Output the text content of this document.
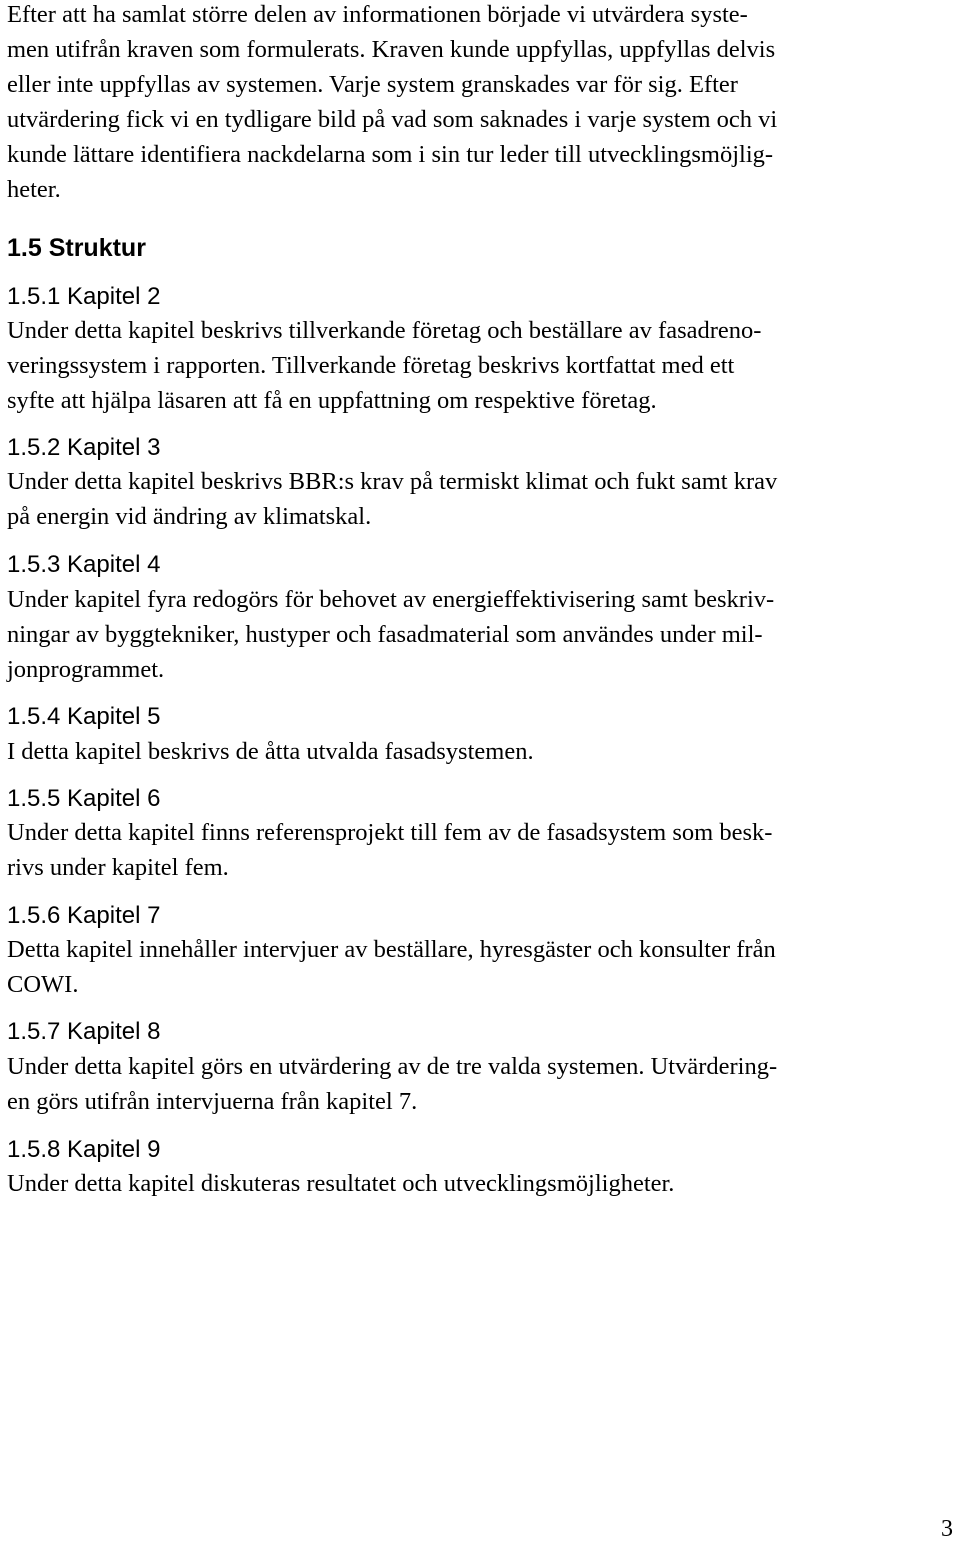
Efter att ha samlat större delen av informationen började vi utvärdera syste-
men utifrån kraven som formulerats. Kraven kunde uppfyllas, uppfyllas delvis
eller inte uppfyllas av systemen. Varje system granskades var för sig. Efter
utvärdering fick vi en tydligare bild på vad som saknades i varje system och vi
kunde lättare identifiera nackdelarna som i sin tur leder till utvecklingsmöjlig-
heter.
1.5 Struktur
1.5.1 Kapitel 2
Under detta kapitel beskrivs tillverkande företag och beställare av fasadreno-
veringssystem i rapporten. Tillverkande företag beskrivs kortfattat med ett
syfte att hjälpa läsaren att få en uppfattning om respektive företag.
1.5.2 Kapitel 3
Under detta kapitel beskrivs BBR:s krav på termiskt klimat och fukt samt krav
på energin vid ändring av klimatskal.
1.5.3 Kapitel 4
Under kapitel fyra redogörs för behovet av energieffektivisering samt beskriv-
ningar av byggtekniker, hustyper och fasadmaterial som användes under mil-
jonprogrammet.
1.5.4 Kapitel 5
I detta kapitel beskrivs de åtta utvalda fasadsystemen.
1.5.5 Kapitel 6
Under detta kapitel finns referensprojekt till fem av de fasadsystem som besk-
rivs under kapitel fem.
1.5.6 Kapitel 7
Detta kapitel innehåller intervjuer av beställare, hyresgäster och konsulter från
COWI.
1.5.7 Kapitel 8
Under detta kapitel görs en utvärdering av de tre valda systemen. Utvärdering-
en görs utifrån intervjuerna från kapitel 7.
1.5.8 Kapitel 9
Under detta kapitel diskuteras resultatet och utvecklingsmöjligheter.
3
